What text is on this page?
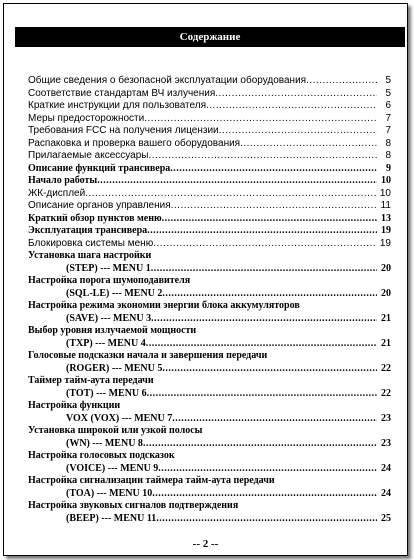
Содержание
Общие сведения о безопасной эксплуатации оборудования .....	5
Соответствие стандартам ВЧ излучения .....	5
Краткие инструкции для пользователя .....	6
Меры предосторожности .....	7
Требования FCC на получения лицензии .....	7
Распаковка и проверка вашего оборудования .....	8
Прилагаемые аксессуары .....	8
Описание функций трансивера .....	9
Начало работы .....	10
ЖК-дисплей .....	10
Описание органов управления .....	11
Краткий обзор пунктов меню .....	13
Эксплуатация трансивера .....	19
Блокировка системы меню .....	19
Установка шага настройки
(STEP) --- MENU 1 .....	20
Настройка порога шумоподавителя
(SQL-LE) --- MENU 2 .....	20
Настройка режима экономии энергии блока аккумуляторов
(SAVE) --- MENU 3 .....	21
Выбор уровня излучаемой мощности
(TXP) --- MENU 4 .....	21
Голосовые подсказки начала и завершения передачи
(ROGER) --- MENU 5 .....	22
Таймер тайм-аута передачи
(TOT) --- MENU 6 .....	22
Настройка функции
VOX (VOX) --- MENU 7 .....	23
Установка широкой или узкой полосы
(WN) --- MENU 8 .....	23
Настройка голосовых подсказок
(VOICE) --- MENU 9 .....	24
Настройка сигнализации таймера тайм-аута передачи
(TOA) --- MENU 10 .....	24
Настройка звуковых сигналов подтверждения
(BEEP) --- MENU 11 .....	25
-- 2 --
